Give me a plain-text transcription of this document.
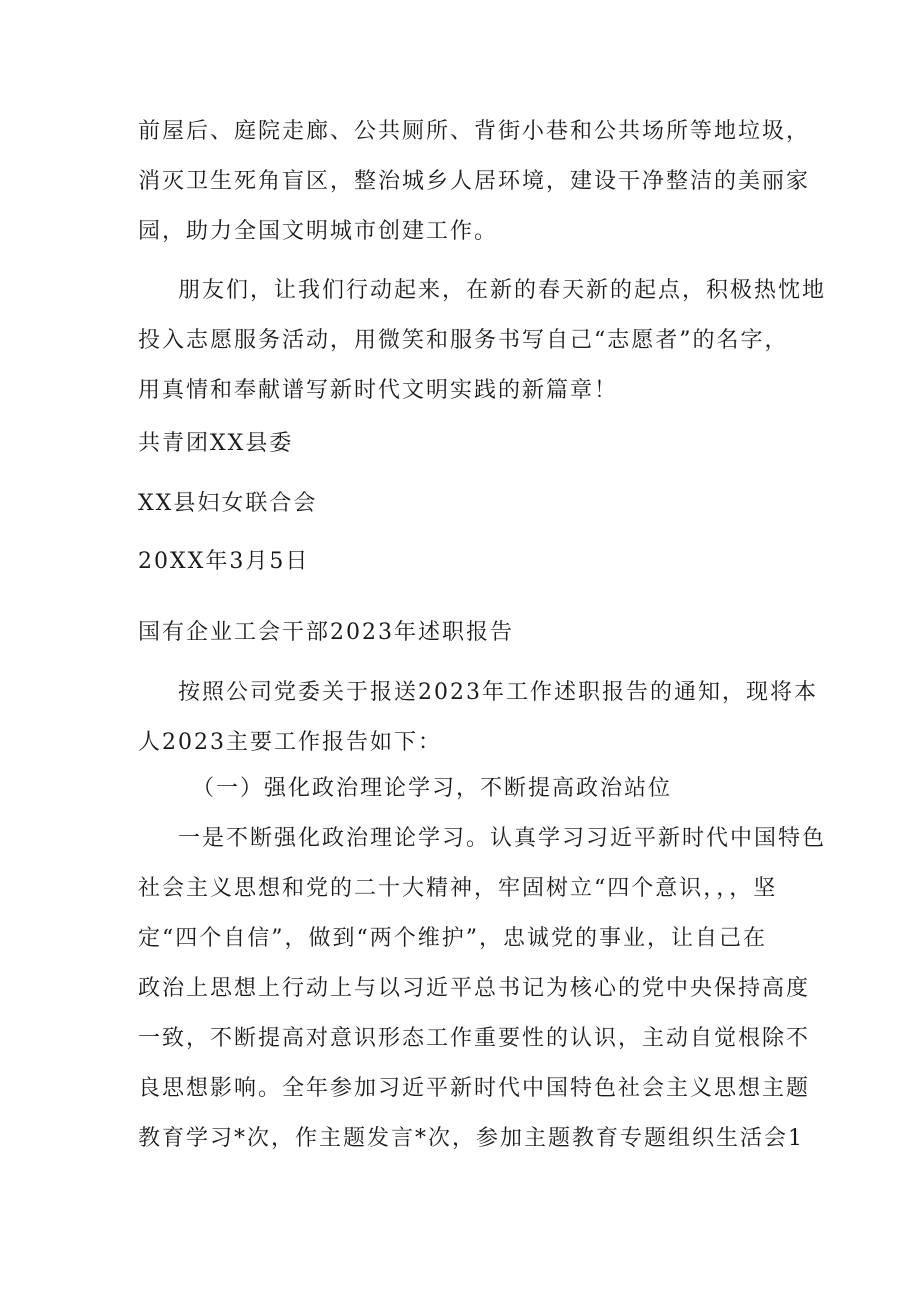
前屋后、庭院走廊、公共厕所、背街小巷和公共场所等地垃圾，

消灭卫生死角盲区，整治城乡人居环境，建设干净整洁的美丽家

园，助力全国文明城市创建工作。

朋友们，让我们行动起来，在新的春天新的起点，积极热忱地

投入志愿服务活动，用微笑和服务书写自己“志愿者”的名字，

用真情和奉献谱写新时代文明实践的新篇章！

共青团XX县委

XX县妇女联合会

20XX年3月5日

国有企业工会干部2023年述职报告

按照公司党委关于报送2023年工作述职报告的通知，现将本

人2023主要工作报告如下：

（一）强化政治理论学习，不断提高政治站位

一是不断强化政治理论学习。认真学习习近平新时代中国特色

社会主义思想和党的二十大精神，牢固树立“四个意识，，，坚

定“四个自信”，做到“两个维护”，忠诚党的事业，让自己在

政治上思想上行动上与以习近平总书记为核心的党中央保持高度

一致，不断提高对意识形态工作重要性的认识，主动自觉根除不

良思想影响。全年参加习近平新时代中国特色社会主义思想主题

教育学习*次，作主题发言*次，参加主题教育专题组织生活会1
